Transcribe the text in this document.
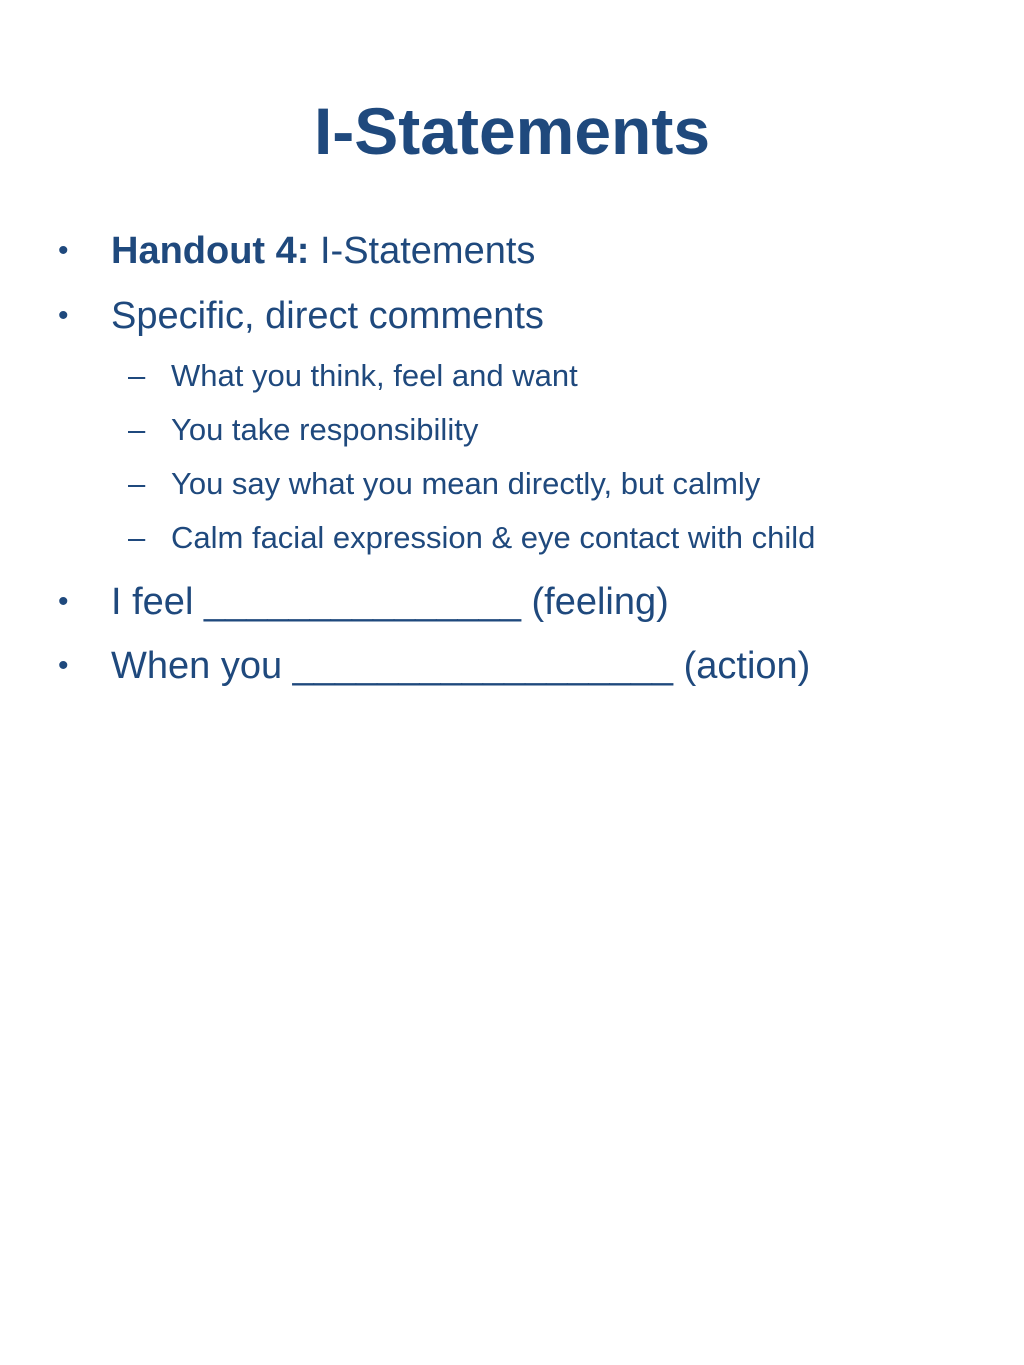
I-Statements
• Handout 4: I-Statements
• Specific, direct comments
– What you think, feel and want
– You take responsibility
– You say what you mean directly, but calmly
– Calm facial expression & eye contact with child
• I feel _______________ (feeling)
• When you __________________ (action)
